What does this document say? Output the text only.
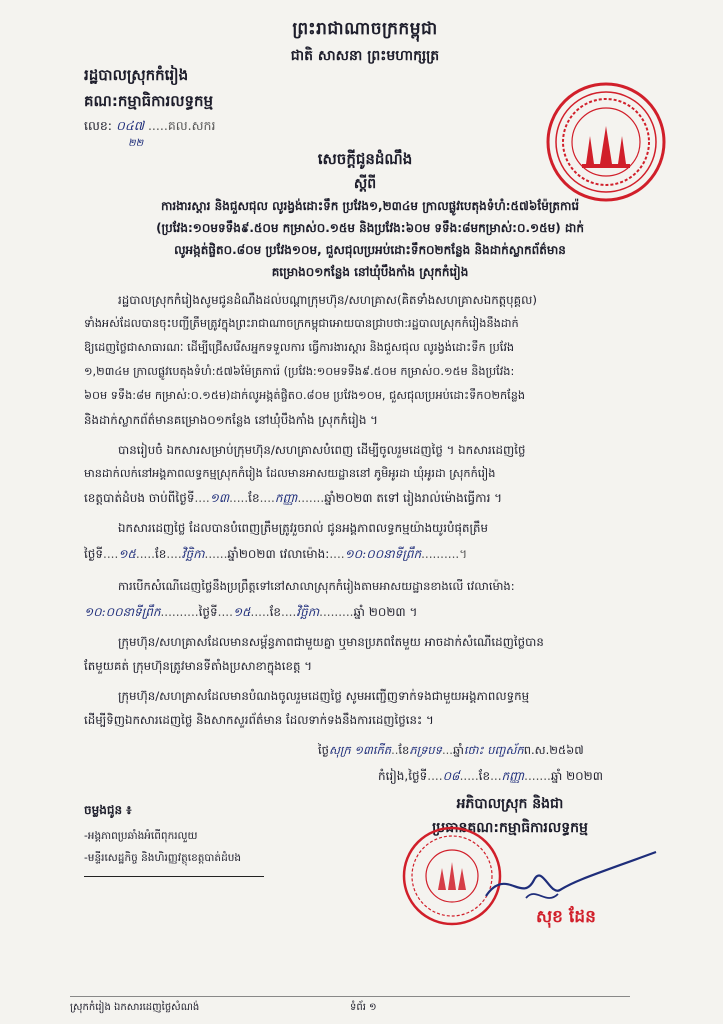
ព្រះរាជាណាចក្រកម្ពុជា
ជាតិ សាសនា ព្រះមហាក្សត្រ
រដ្ឋបាលស្រុកកំរៀង
គណ:កម្មាធិការលទ្ធកម្ម
លេខ: ០៤៧ .....គល.សករ
២២
សេចក្តីជូនដំណឹង
ស្តីពី
ការងារស្តារ និងជួសជុល លូរង្វង់ដោះទឹក ប្រវែង១,២៣៤ម ក្រាលផ្លូវបេតុងទំហំ:៥៧៦ម៉ែត្រការ៉េ
(ប្រវែង:១០មទទឹង៩.៥០ម កម្រាស់០.១៥ម និងប្រវែង:៦០ម ទទឹង:៨មកម្រាស់:០.១៥ម) ដាក់
លូអង្កត់ផ្ចិត០.៨០ម ប្រវែង១០ម, ជួសជុលប្រអប់ដោះទឹក០២កន្លែង និងដាក់ស្លាកព័ត៌មាន
គម្រោង០១កន្លែង នៅឃុំបឹងកាំង ស្រុកកំរៀង
រដ្ឋបាលស្រុកកំរៀងសូមជូនដំណឹងដល់បណ្តាក្រុមហ៊ុន/សហគ្រាស(គិតទាំងសហគ្រាសឯកត្តបុគ្គល)
ទាំងអស់ដែលបានចុះបញ្ជីត្រឹមត្រូវក្នុងព្រះរាជាណាចក្រកម្ពុជាអោយបានជ្រាបថា:រដ្ឋបាលស្រុកកំរៀងនឹងដាក់
ឱ្យដេញថ្លៃជាសាធារណៈ ដើម្បីជ្រើសរើសអ្នកទទួលការ ធ្វើការងារស្តារ និងជួសជុល លូរង្វង់ដោះទឹក ប្រវែង
១,២៣៤ម ក្រាលផ្លូវបេតុងទំហំ:៥៧៦ម៉ែត្រការ៉េ (ប្រវែង:១០មទទឹង៩.៥០ម កម្រាស់០.១៥ម និងប្រវែង:
៦០ម ទទឹង:៨ម កម្រាស់:០.១៥ម)ដាក់លូអង្កត់ផ្ចិត០.៨០ម ប្រវែង១០ម, ជួសជុលប្រអប់ដោះទឹក០២កន្លែង
និងដាក់ស្លាកព័ត៌មានគម្រោង០១កន្លែង នៅឃុំបឹងកាំង ស្រុកកំរៀង ។
បានរៀបចំ ឯកសារសម្រាប់ក្រុមហ៊ុន/សហគ្រាសបំពេញ ដើម្បីចូលរួមដេញថ្លៃ ។ ឯកសារដេញថ្លៃ
មានដាក់លក់នៅអង្គភាពលទ្ធកម្មស្រុកកំរៀង ដែលមានអាសយដ្ឋាននៅ ភូមិអូរដា ឃុំអូរដា ស្រុកកំរៀង
ខេត្តបាត់ដំបង ចាប់ពីថ្ងៃទី....១៣.....ខែ....កញ្ញា.......ឆ្នាំ២០២៣ តទៅ រៀងរាល់ម៉ោងធ្វើការ ។
ឯកសារដេញថ្លៃ ដែលបានបំពេញត្រឹមត្រូវរួចរាល់ ជូនអង្គភាពលទ្ធកម្មយ៉ាងយូរបំផុតត្រឹម
ថ្ងៃទី....១៥.....ខែ....វិច្ឆិកា......ឆ្នាំ២០២៣ វេលាម៉ោង:....១០:០០នាទីព្រឹក..........។
ការបើកសំណើដេញថ្លៃនឹងប្រព្រឹត្តទៅនៅសាលាស្រុកកំរៀងតាមអាសយដ្ឋានខាងលើ វេលាម៉ោង:
១០:០០នាទីព្រឹក..........ថ្ងៃទី....១៥.....ខែ....វិច្ឆិកា.........ឆ្នាំ ២០២៣ ។
ក្រុមហ៊ុន/សហគ្រាសដែលមានសម្ព័ន្ធភាពជាមួយគ្នា ឬមានប្រភពតែមួយ អាចដាក់សំណើដេញថ្លៃបាន
តែមួយគត់ ក្រុមហ៊ុនត្រូវមានទីតាំងប្រសាខាក្នុងខេត្ត ។
ក្រុមហ៊ុន/សហគ្រាសដែលមានបំណងចូលរួមដេញថ្លៃ សូមអញ្ជើញទាក់ទងជាមួយអង្គភាពលទ្ធកម្ម
ដើម្បីទិញឯកសារដេញថ្លៃ និងសាកសួរព័ត៌មាន ដែលទាក់ទងនឹងការដេញថ្លៃនេះ ។
ថ្ងៃសុក្រ ១៣កើត..ខែភទ្របទ...ឆ្នាំថោះ បញ្ចស័កព.ស.២៥៦៧
កំរៀង,ថ្ងៃទី....០៨.....ខែ...កញ្ញា.......ឆ្នាំ ២០២៣
អភិបាលស្រុក និងជា
ប្រធានគណ:កម្មាធិការលទ្ធកម្ម
ចម្លងជូន ៖
-អង្គភាពប្រឆាំងអំពើពុករលួយ
-មន្ទីរសេដ្ឋកិច្ច និងហិរញ្ញវត្ថុខេត្តបាត់ដំបង
សុខ ដែន
ស្រុកកំរៀង ឯកសារដេញថ្លៃសំណង់	ទំព័រ ១
